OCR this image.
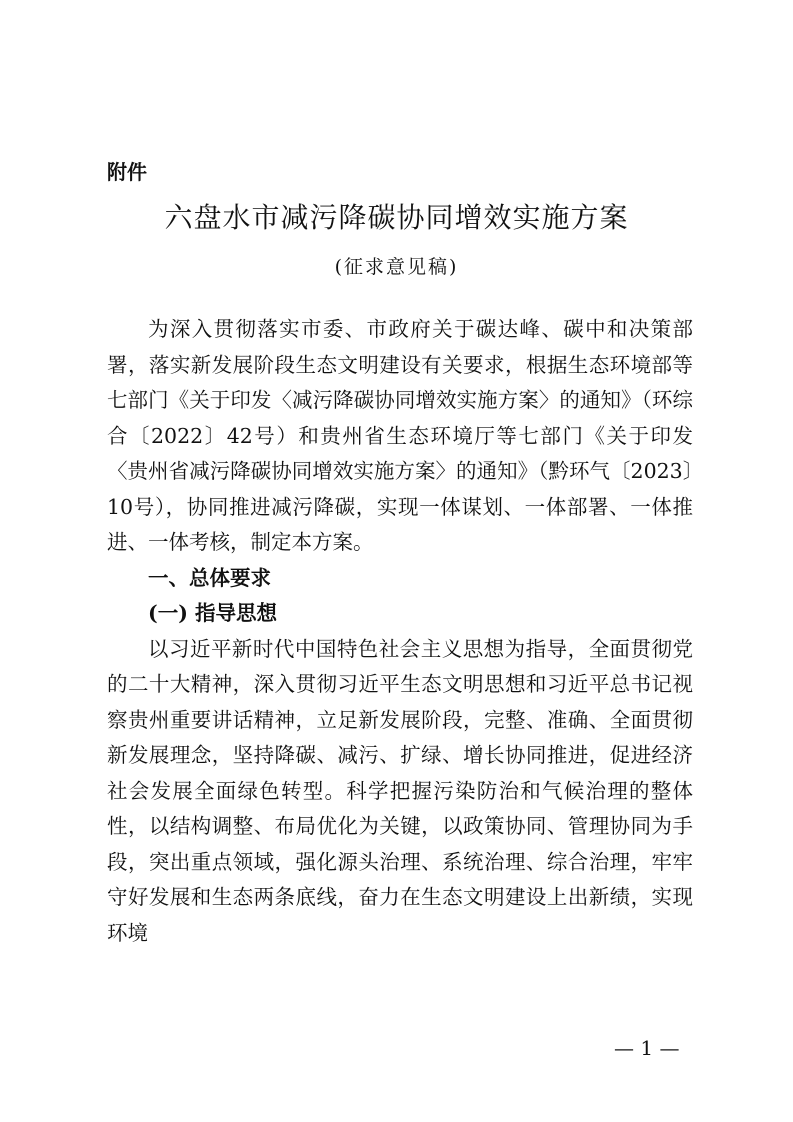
附件
六盘水市减污降碳协同增效实施方案
(征求意见稿)

为深入贯彻落实市委、市政府关于碳达峰、碳中和决策部署，落实新发展阶段生态文明建设有关要求，根据生态环境部等七部门《关于印发〈减污降碳协同增效实施方案〉的通知》（环综合〔2022〕42号）和贵州省生态环境厅等七部门《关于印发〈贵州省减污降碳协同增效实施方案〉的通知》（黔环气〔2023〕10号），协同推进减污降碳，实现一体谋划、一体部署、一体推进、一体考核，制定本方案。

一、总体要求
(一) 指导思想

以习近平新时代中国特色社会主义思想为指导，全面贯彻党的二十大精神，深入贯彻习近平生态文明思想和习近平总书记视察贵州重要讲话精神，立足新发展阶段，完整、准确、全面贯彻新发展理念，坚持降碳、减污、扩绿、增长协同推进，促进经济社会发展全面绿色转型。科学把握污染防治和气候治理的整体性，以结构调整、布局优化为关键，以政策协同、管理协同为手段，突出重点领域，强化源头治理、系统治理、综合治理，牢牢守好发展和生态两条底线，奋力在生态文明建设上出新绩，实现环境

— 1 —
